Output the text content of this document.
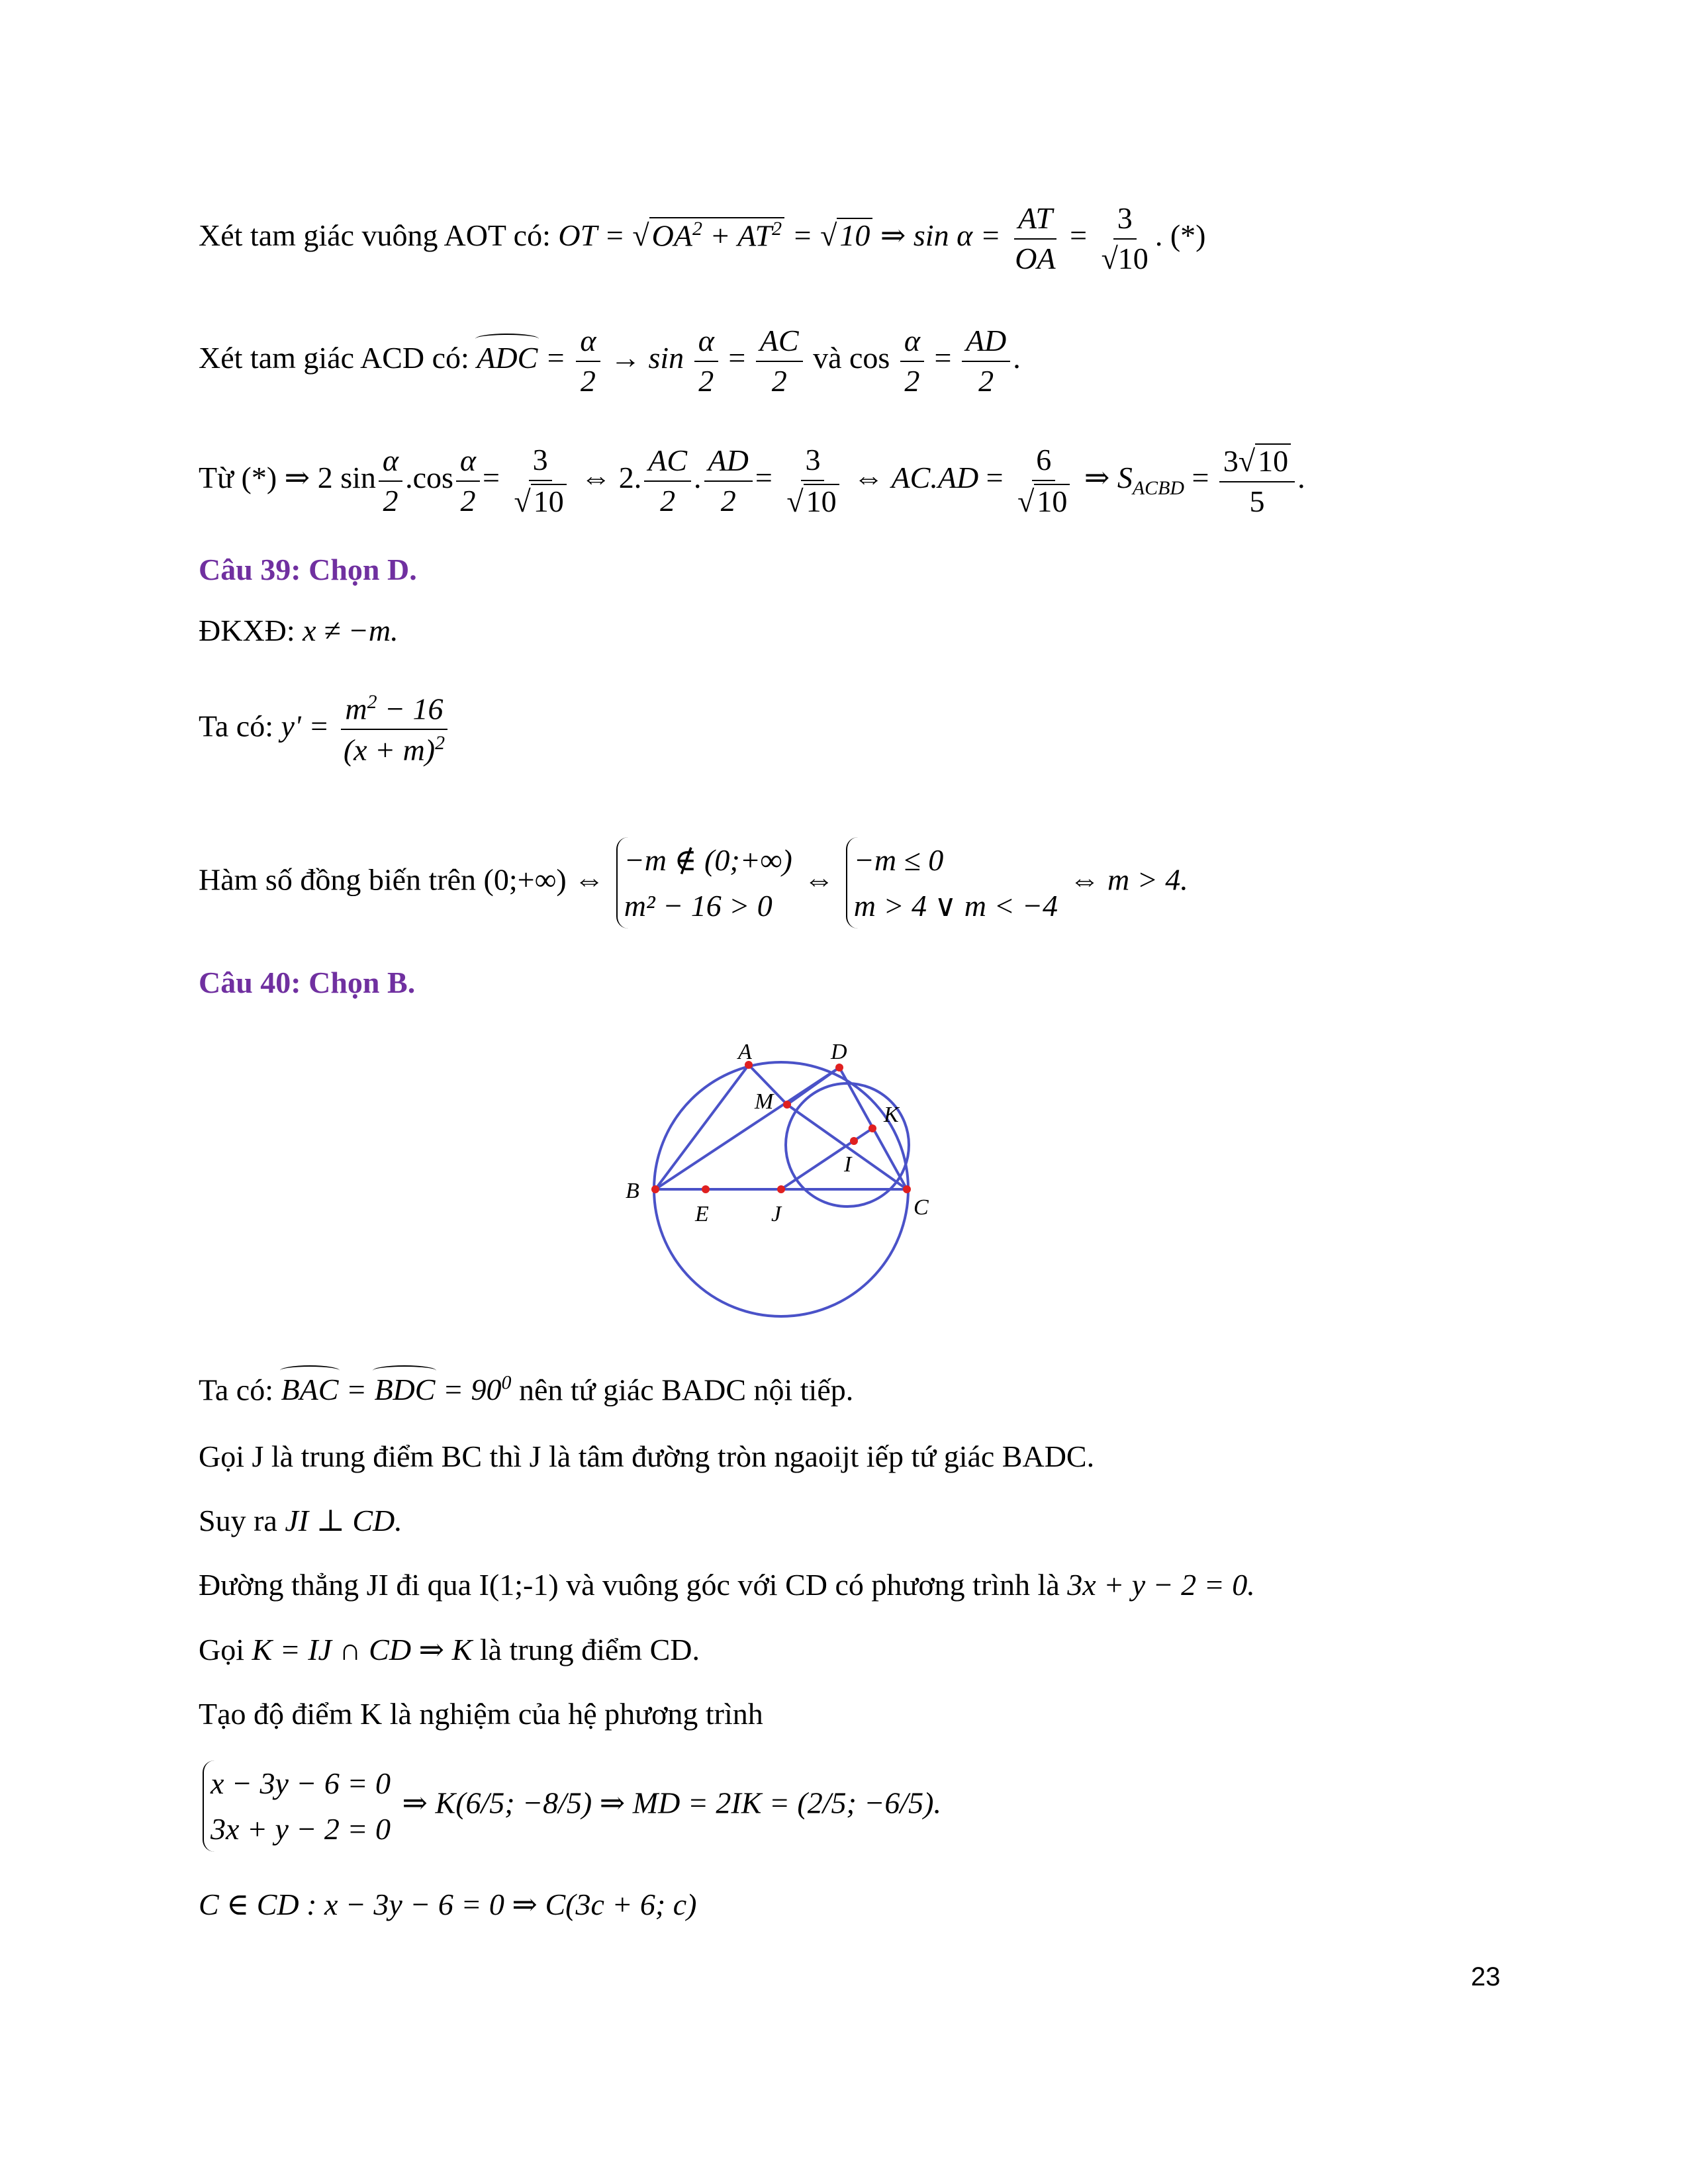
Xét tam giác vuông AOT có: OT = $√OA^2 + AT^2 = √10$ ⇒ $\sin \alpha = \frac{AT}{OA} = \frac{3}{√10}$ . (*)
Xét tam giác ACD có: ADC = $\frac{\alpha}{2} \to \sin \frac{\alpha}{2} = \frac{AC}{2}$ và $\cos \frac{\alpha}{2} = \frac{AD}{2}$ .
Từ (*) ⇒ 2 $\sin \frac{\alpha}{2} .\cos \frac{\alpha}{2} = \frac{3}{√10}$ ⇔ 2. $\frac{AC}{2}$ . $\frac{AD}{2} = \frac{3}{√10}$ ⇔ $AC.AD = \frac{6}{√10}$ ⇒ $S_{ACBD} = \frac{3√10}{5}$ .
Câu 39: Chọn D.
ĐKXĐ: x ≠ −m.
Ta có: $y' = \frac{m^2 - 16}{(x + m)^2}$
Hàm số đồng biến trên (0;+∞) ⇔
−m ∉ (0;+∞)
m² − 16 > 0
⇔
−m ≤ 0
m > 4 ∨ m < −4
⇔ m > 4.
Câu 40: Chọn B.
A	D
M
K
B
I
C
E	J
Ta có: BAC = BDC = $90^0$ nên tứ giác BADC nội tiếp.
Gọi J là trung điểm BC thì J là tâm đường tròn ngaoijt iếp tứ giác BADC.
Suy ra JI ⊥ CD.
Đường thẳng JI đi qua I(1;-1) và vuông góc với CD có phương trình là 3x + y − 2 = 0.
Gọi K = IJ ∩ CD ⇒ K là trung điểm CD.
Tạo độ điểm K là nghiệm của hệ phương trình
x − 3y − 6 = 0
3x + y − 2 = 0
⇒ K(6/5; −8/5) ⇒ MD = 2IK = (2/5; −6/5).
C ∈ CD : x − 3y − 6 = 0 ⇒ C(3c + 6; c)
23
